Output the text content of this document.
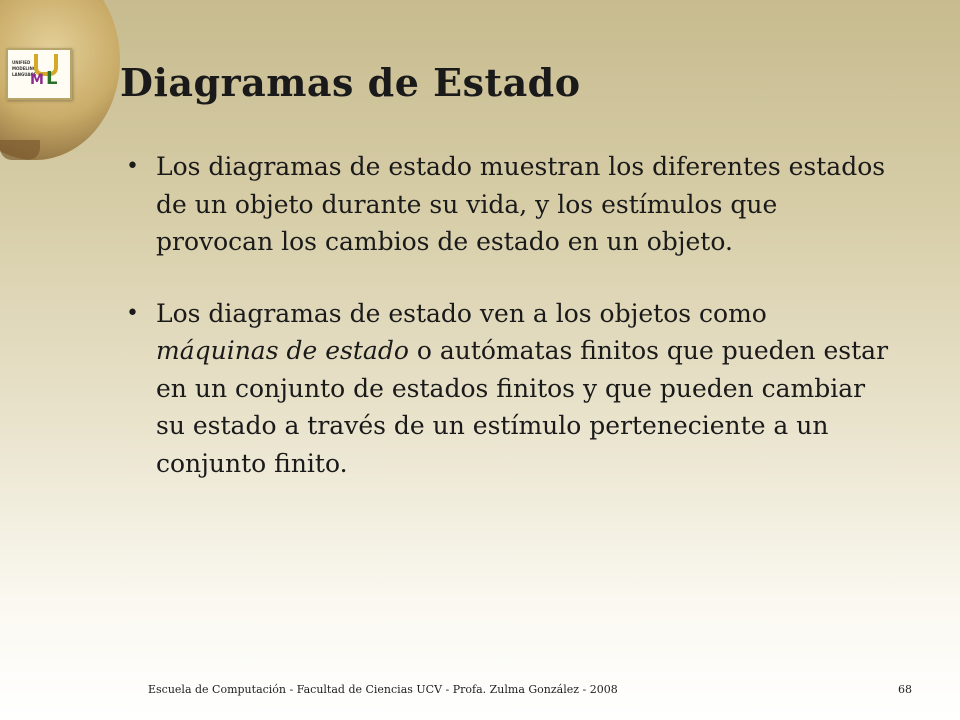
UNIFIED
MODELING
LANGUAGE
M L Diagramas de Estado
• Los diagramas de estado muestran los diferentes estados de un objeto durante su vida, y los estímulos que provocan los cambios de estado en un objeto.
• Los diagramas de estado ven a los objetos como máquinas de estado o autómatas finitos que pueden estar en un conjunto de estados finitos y que pueden cambiar su estado a través de un estímulo perteneciente a un conjunto finito.
Escuela de Computación - Facultad de Ciencias UCV - Profa. Zulma González - 2008	68
